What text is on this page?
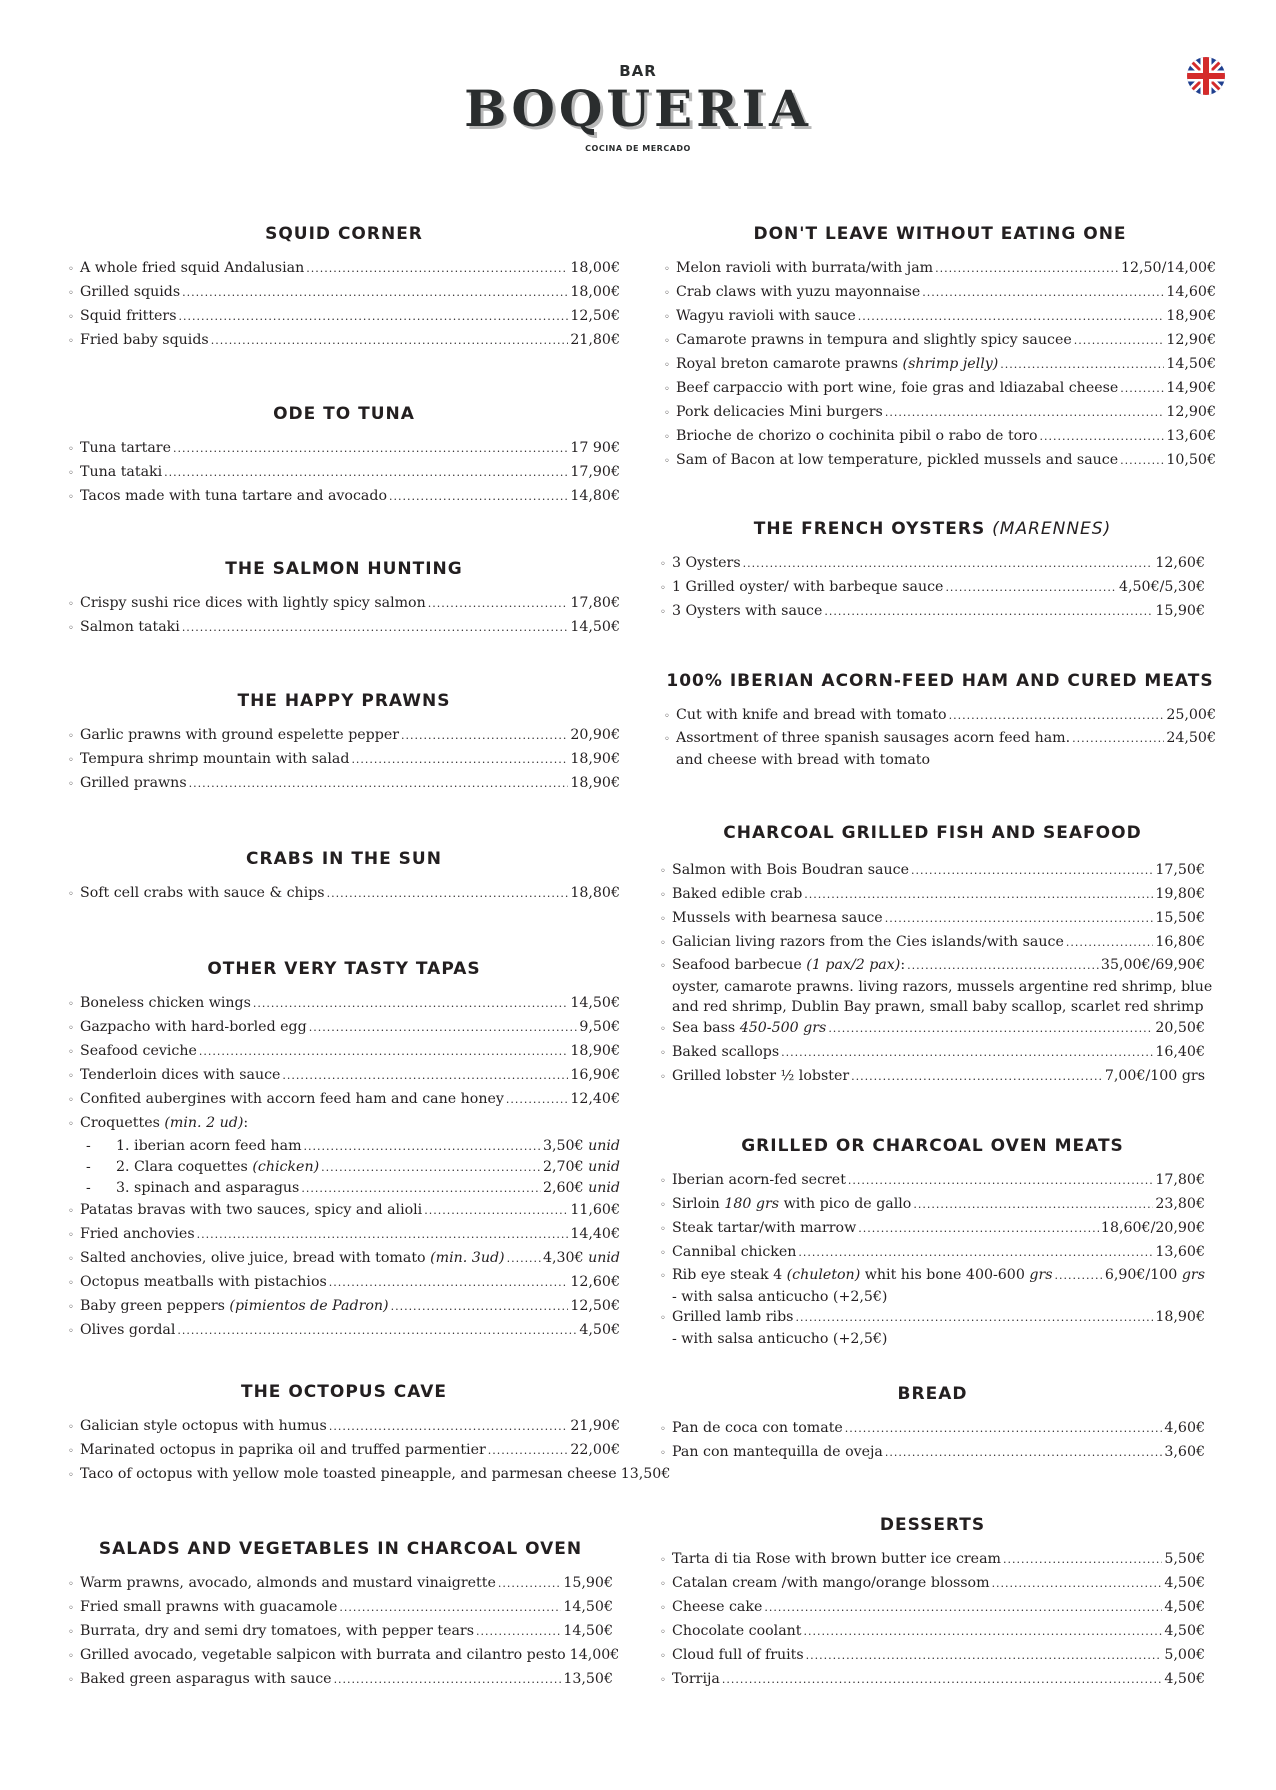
BAR
BOQUERIA
COCINA DE MERCADO
SQUID CORNER
◦ A whole fried squid Andalusian .....	18,00€
◦ Grilled squids .....	18,00€
◦ Squid fritters .....	12,50€
◦ Fried baby squids .....	21,80€
ODE TO TUNA
◦ Tuna tartare .....	17 90€
◦ Tuna tataki .....	17,90€
◦ Tacos made with tuna tartare and avocado .....	14,80€
THE SALMON HUNTING
◦ Crispy sushi rice dices with lightly spicy salmon .....	17,80€
◦ Salmon tataki .....	14,50€
THE HAPPY PRAWNS
◦ Garlic prawns with ground espelette pepper .....	20,90€
◦ Tempura shrimp mountain with salad .....	18,90€
◦ Grilled prawns .....	18,90€
CRABS IN THE SUN
◦ Soft cell crabs with sauce & chips .....	18,80€
OTHER VERY TASTY TAPAS
◦ Boneless chicken wings .....	14,50€
◦ Gazpacho with hard-borled egg .....	9,50€
◦ Seafood ceviche .....	18,90€
◦ Tenderloin dices with sauce .....	16,90€
◦ Confited aubergines with accorn feed ham and cane honey .....	12,40€
◦ Croquettes (min. 2 ud):
-	1. iberian acorn feed ham .....	3,50€ unid
-	2. Clara coquettes (chicken) .....	2,70€ unid
-	3. spinach and asparagus .....	2,60€ unid
◦ Patatas bravas with two sauces, spicy and alioli .....	11,60€
◦ Fried anchovies .....	14,40€
◦ Salted anchovies, olive juice, bread with tomato (min. 3ud) .....	4,30€ unid
◦ Octopus meatballs with pistachios .....	12,60€
◦ Baby green peppers (pimientos de Padron) .....	12,50€
◦ Olives gordal .....	4,50€
THE OCTOPUS CAVE
◦ Galician style octopus with humus .....	21,90€
◦ Marinated octopus in paprika oil and truffed parmentier .....	22,00€
◦ Taco of octopus with yellow mole toasted pineapple, and parmesan cheese 13,50€
SALADS AND VEGETABLES IN CHARCOAL OVEN
◦ Warm prawns, avocado, almonds and mustard vinaigrette .....	15,90€
◦ Fried small prawns with guacamole .....	14,50€
◦ Burrata, dry and semi dry tomatoes, with pepper tears .....	14,50€
◦ Grilled avocado, vegetable salpicon with burrata and cilantro pesto 14,00€
◦ Baked green asparagus with sauce .....	13,50€
DON'T LEAVE WITHOUT EATING ONE
◦ Melon ravioli with burrata/with jam .....	12,50/14,00€
◦ Crab claws with yuzu mayonnaise .....	14,60€
◦ Wagyu ravioli with sauce .....	18,90€
◦ Camarote prawns in tempura and slightly spicy saucee .....	12,90€
◦ Royal breton camarote prawns (shrimp jelly) .....	14,50€
◦ Beef carpaccio with port wine, foie gras and ldiazabal cheese .....	14,90€
◦ Pork delicacies Mini burgers .....	12,90€
◦ Brioche de chorizo o cochinita pibil o rabo de toro .....	13,60€
◦ Sam of Bacon at low temperature, pickled mussels and sauce .....	10,50€
THE FRENCH OYSTERS (MARENNES)
◦ 3 Oysters .....	12,60€
◦ 1 Grilled oyster/ with barbeque sauce .....	4,50€/5,30€
◦ 3 Oysters with sauce .....	15,90€
100% IBERIAN ACORN-FEED HAM AND CURED MEATS
◦ Cut with knife and bread with tomato .....	25,00€
◦ Assortment of three spanish sausages acorn feed ham. .....	24,50€
and cheese with bread with tomato
CHARCOAL GRILLED FISH AND SEAFOOD
◦ Salmon with Bois Boudran sauce .....	17,50€
◦ Baked edible crab .....	19,80€
◦ Mussels with bearnesa sauce .....	15,50€
◦ Galician living razors from the Cies islands/with sauce .....	16,80€
◦ Seafood barbecue (1 pax/2 pax): .....	35,00€/69,90€
oyster, camarote prawns. living razors, mussels argentine red shrimp, blue
and red shrimp, Dublin Bay prawn, small baby scallop, scarlet red shrimp
◦ Sea bass 450-500 grs .....	20,50€
◦ Baked scallops .....	16,40€
◦ Grilled lobster ½ lobster .....	7,00€/100 grs
GRILLED OR CHARCOAL OVEN MEATS
◦ Iberian acorn-fed secret .....	17,80€
◦ Sirloin 180 grs with pico de gallo .....	23,80€
◦ Steak tartar/with marrow .....	18,60€/20,90€
◦ Cannibal chicken .....	13,60€
◦ Rib eye steak 4 (chuleton) whit his bone 400-600 grs .....	6,90€/100 grs
- with salsa anticucho (+2,5€)
◦ Grilled lamb ribs .....	18,90€
- with salsa anticucho (+2,5€)
BREAD
◦ Pan de coca con tomate .....	4,60€
◦ Pan con mantequilla de oveja .....	3,60€
DESSERTS
◦ Tarta di tia Rose with brown butter ice cream .....	5,50€
◦ Catalan cream /with mango/orange blossom .....	4,50€
◦ Cheese cake .....	4,50€
◦ Chocolate coolant .....	4,50€
◦ Cloud full of fruits .....	5,00€
◦ Torrija .....	4,50€
